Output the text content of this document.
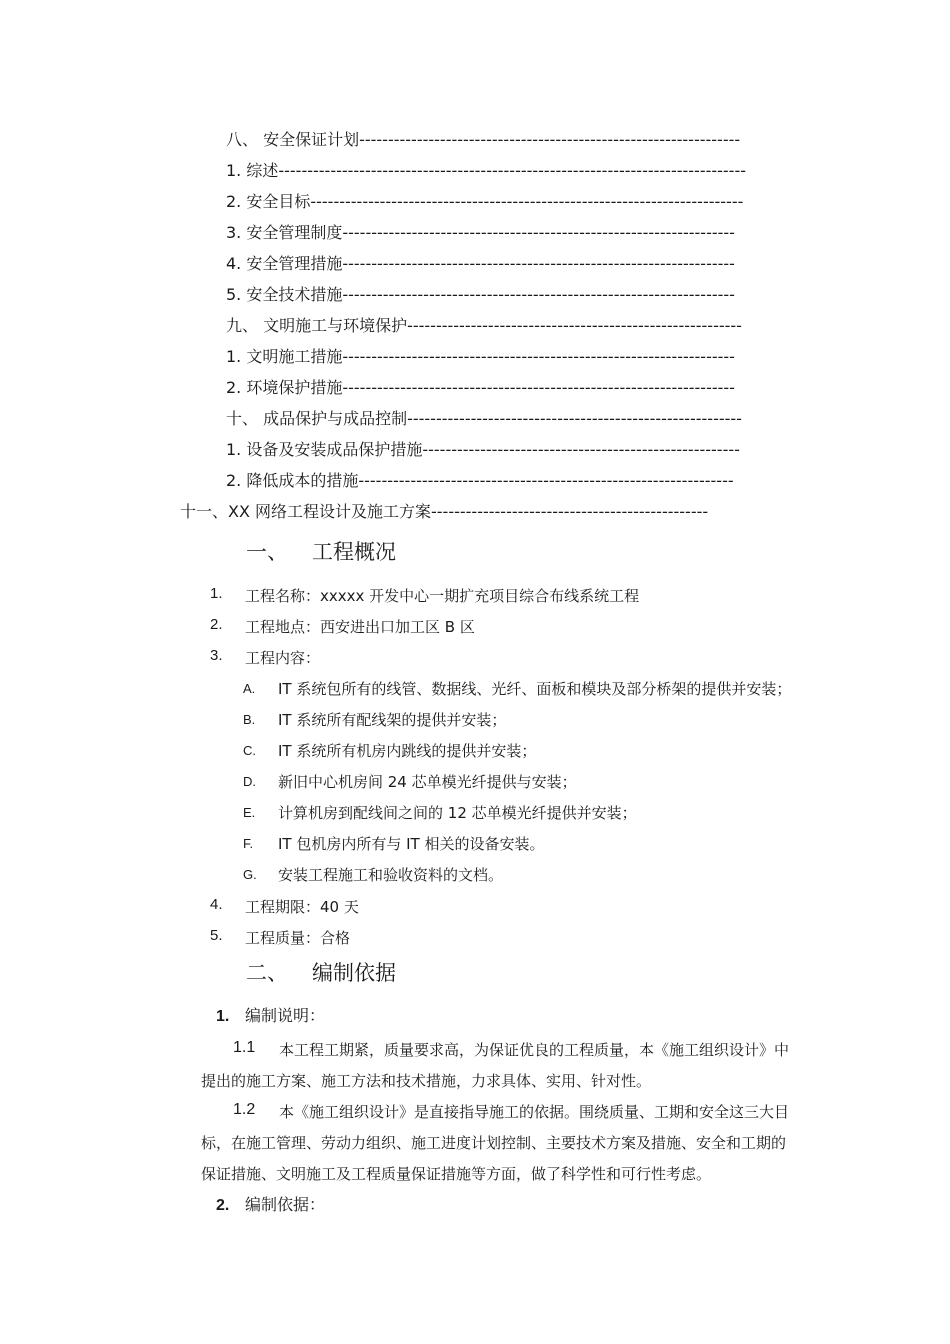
八、 安全保证计划------------------------------------------------------------------
1. 综述---------------------------------------------------------------------------------
2. 安全目标---------------------------------------------------------------------------
3. 安全管理制度--------------------------------------------------------------------
4. 安全管理措施--------------------------------------------------------------------
5. 安全技术措施--------------------------------------------------------------------
九、 文明施工与环境保护----------------------------------------------------------
1. 文明施工措施--------------------------------------------------------------------
2. 环境保护措施--------------------------------------------------------------------
十、 成品保护与成品控制----------------------------------------------------------
1. 设备及安装成品保护措施-------------------------------------------------------
2. 降低成本的措施-----------------------------------------------------------------
十一、XX 网络工程设计及施工方案------------------------------------------------
一、 工程概况
1. 工程名称：xxxxx 开发中心一期扩充项目综合布线系统工程
2. 工程地点：西安进出口加工区 B 区
3. 工程内容：
A. IT 系统包所有的线管、数据线、光纤、面板和模块及部分桥架的提供并安装；
B. IT 系统所有配线架的提供并安装；
C. IT 系统所有机房内跳线的提供并安装；
D. 新旧中心机房间 24 芯单模光纤提供与安装；
E. 计算机房到配线间之间的 12 芯单模光纤提供并安装；
F. IT 包机房内所有与 IT 相关的设备安装。
G. 安装工程施工和验收资料的文档。
4. 工程期限：40 天
5. 工程质量：合格
二、 编制依据
1. 编制说明：
1.1 本工程工期紧，质量要求高，为保证优良的工程质量，本《施工组织设计》中
提出的施工方案、施工方法和技术措施，力求具体、实用、针对性。
1.2 本《施工组织设计》是直接指导施工的依据。围绕质量、工期和安全这三大目
标，在施工管理、劳动力组织、施工进度计划控制、主要技术方案及措施、安全和工期的
保证措施、文明施工及工程质量保证措施等方面，做了科学性和可行性考虑。
2. 编制依据：
